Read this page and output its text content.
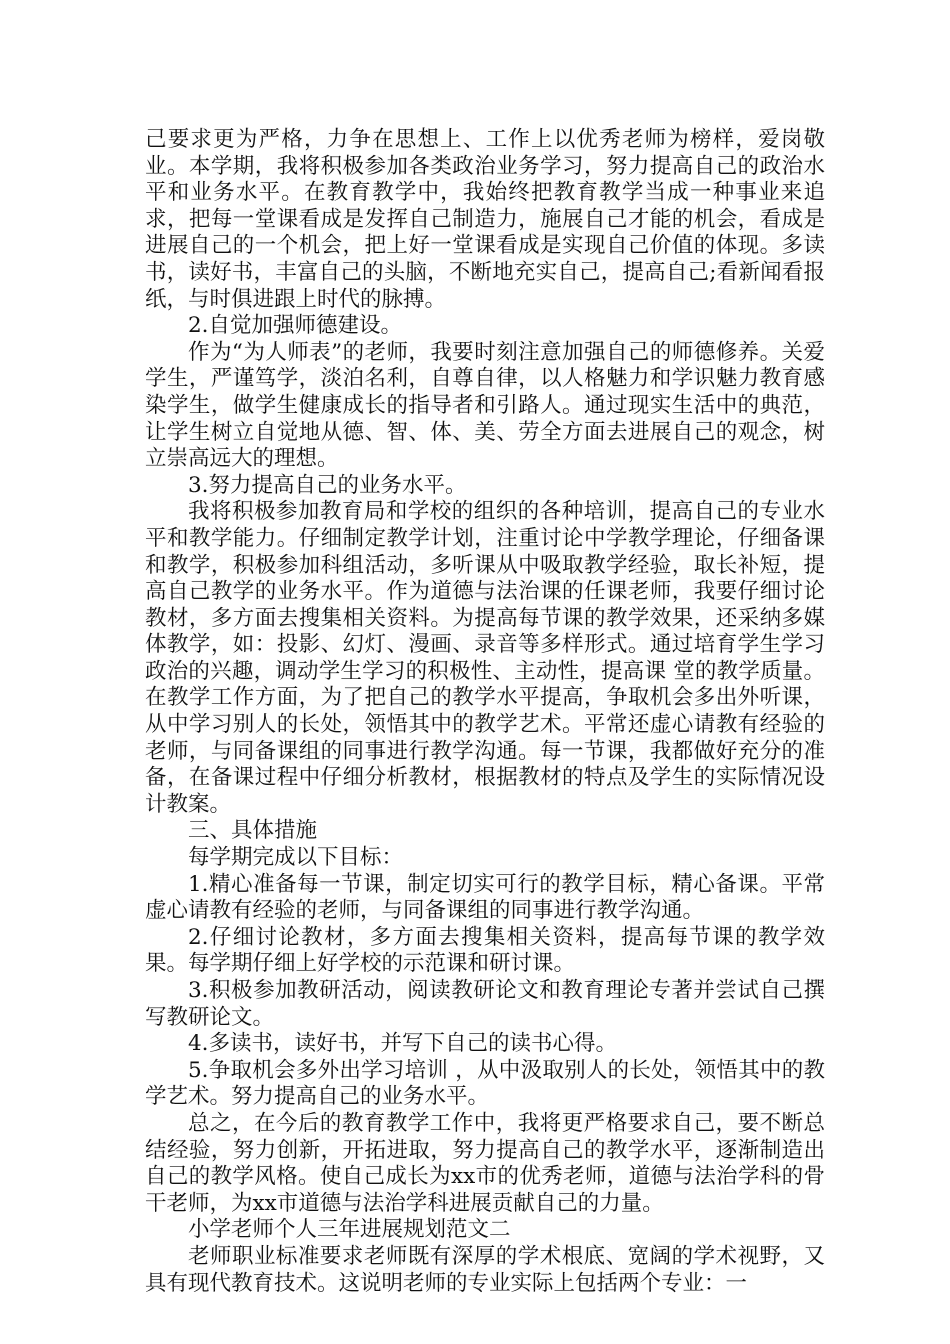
己要求更为严格，力争在思想上、工作上以优秀老师为榜样，爱岗敬业。本学期，我将积极参加各类政治业务学习，努力提高自己的政治水平和业务水平。在教育教学中，我始终把教育教学当成一种事业来追求，把每一堂课看成是发挥自己制造力，施展自己才能的机会，看成是进展自己的一个机会，把上好一堂课看成是实现自己价值的体现。多读书，读好书，丰富自己的头脑，不断地充实自己，提高自己;看新闻看报纸，与时俱进跟上时代的脉搏。

2.自觉加强师德建设。

作为“为人师表”的老师，我要时刻注意加强自己的师德修养。关爱学生，严谨笃学，淡泊名利，自尊自律，以人格魅力和学识魅力教育感染学生，做学生健康成长的指导者和引路人。通过现实生活中的典范，让学生树立自觉地从德、智、体、美、劳全方面去进展自己的观念，树立崇高远大的理想。

3.努力提高自己的业务水平。

我将积极参加教育局和学校的组织的各种培训，提高自己的专业水平和教学能力。仔细制定教学计划，注重讨论中学教学理论，仔细备课和教学，积极参加科组活动，多听课从中吸取教学经验，取长补短，提高自己教学的业务水平。作为道德与法治课的任课老师，我要仔细讨论教材，多方面去搜集相关资料。为提高每节课的教学效果，还采纳多媒体教学，如：投影、幻灯、漫画、录音等多样形式。通过培育学生学习政治的兴趣，调动学生学习的积极性、主动性，提高课 堂的教学质量。在教学工作方面，为了把自己的教学水平提高，争取机会多出外听课，从中学习别人的长处，领悟其中的教学艺术。平常还虚心请教有经验的老师，与同备课组的同事进行教学沟通。每一节课，我都做好充分的准备，在备课过程中仔细分析教材，根据教材的特点及学生的实际情况设计教案。

三、具体措施

每学期完成以下目标：

1.精心准备每一节课，制定切实可行的教学目标，精心备课。平常虚心请教有经验的老师，与同备课组的同事进行教学沟通。

2.仔细讨论教材，多方面去搜集相关资料，提高每节课的教学效果。每学期仔细上好学校的示范课和研讨课。

3.积极参加教研活动，阅读教研论文和教育理论专著并尝试自己撰写教研论文。

4.多读书，读好书，并写下自己的读书心得。

5.争取机会多外出学习培训 ，从中汲取别人的长处，领悟其中的教学艺术。努力提高自己的业务水平。

总之，在今后的教育教学工作中，我将更严格要求自己，要不断总结经验，努力创新，开拓进取，努力提高自己的教学水平，逐渐制造出自己的教学风格。使自己成长为xx市的优秀老师，道德与法治学科的骨干老师，为xx市道德与法治学科进展贡献自己的力量。

小学老师个人三年进展规划范文二

老师职业标准要求老师既有深厚的学术根底、宽阔的学术视野，又具有现代教育技术。这说明老师的专业实际上包括两个专业：一
